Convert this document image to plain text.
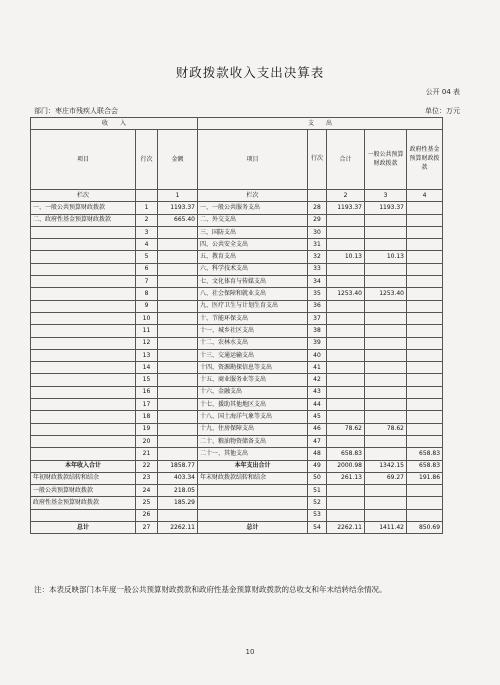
财政拨款收入支出决算表
公开 04 表
部门：枣庄市残疾人联合会	单位：万元
收　　入			支　　出				
项目	行次	金额	项目	行次	合计	一般公共预算财政拨款	政府性基金预算财政拨款
栏次		1	栏次		2	3	4
一、一般公共预算财政拨款	1	1193.37	一、一般公共服务支出	28	1193.37	1193.37	
二、政府性基金预算财政拨款	2	665.40	二、外交支出	29			
	3		三、国防支出	30			
	4		四、公共安全支出	31			
	5		五、教育支出	32	10.13	10.13	
	6		六、科学技术支出	33			
	7		七、文化体育与传媒支出	34			
	8		八、社会保障和就业支出	35	1253.40	1253.40	
	9		九、医疗卫生与计划生育支出	36			
	10		十、节能环保支出	37			
	11		十一、城乡社区支出	38			
	12		十二、农林水支出	39			
	13		十三、交通运输支出	40			
	14		十四、资源勘探信息等支出	41			
	15		十五、商业服务业等支出	42			
	16		十六、金融支出	43			
	17		十七、援助其他地区支出	44			
	18		十八、国土海洋气象等支出	45			
	19		十九、住房保障支出	46	78.62	78.62	
	20		二十、粮油物资储备支出	47			
	21		二十一、其他支出	48	658.83		658.83
本年收入合计	22	1858.77	本年支出合计	49	2000.98	1342.15	658.83
年初财政拨款结转和结余	23	403.34	年末财政拨款结转和结余	50	261.13	69.27	191.86
一般公共预算财政拨款	24	218.05		51			
政府性基金预算财政拨款	25	185.29		52			
	26			53			
总计	27	2262.11	总计	54	2262.11	1411.42	850.69
注：本表反映部门本年度一般公共预算财政拨款和政府性基金预算财政拨款的总收支和年末结转结余情况。
10
